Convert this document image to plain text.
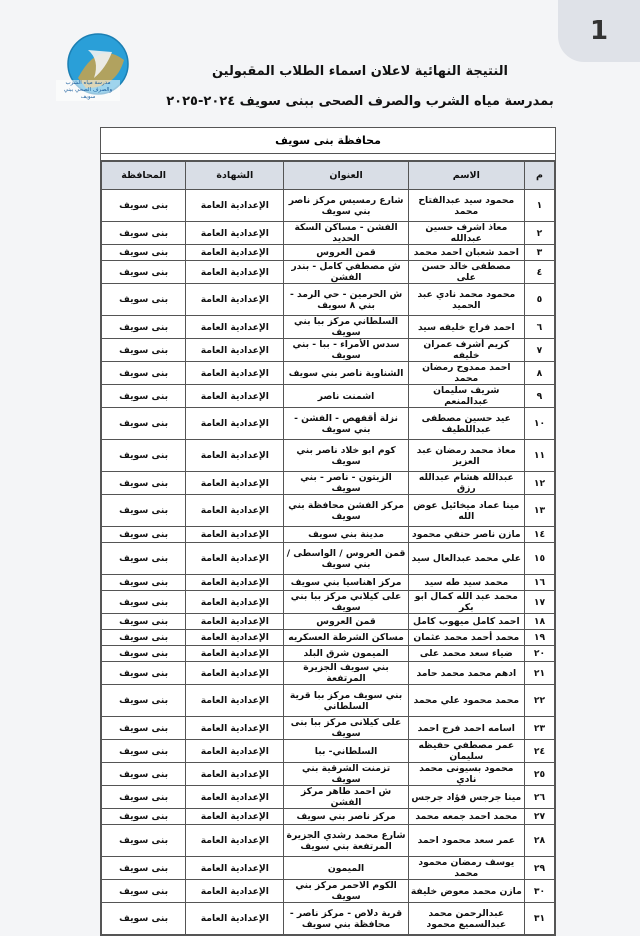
1
مدرسة مياه الشرب
والصرف الصحي ببني سويف
النتيجة النهائية لاعلان اسماء الطلاب المقبولين
بمدرسة مياه الشرب والصرف الصحى ببنى سويف ٢٠٢٤-٢٠٢٥
محافظة بنى سويف
م	الاسم	العنوان	الشهادة	المحافظة
١	محمود سيد عبدالفتاح محمد	شارع رمسيس مركز ناصر بني سويف	الإعدادية العامة	بنى سويف
٢	معاذ اشرف حسين عبدالله	الفشن - مساكن السكة الحديد	الإعدادية العامة	بنى سويف
٣	احمد شعبان احمد محمد	قمن العروس	الإعدادية العامة	بنى سويف
٤	مصطفى خالد حسن على	ش مصطفي كامل - بندر الفشن	الإعدادية العامة	بنى سويف
٥	محمود محمد نادي عبد الحميد	ش الحرمين - حي الرمد - بني ٨ سويف	الإعدادية العامة	بنى سويف
٦	احمد فراج خليفه سيد	السلطاني مركز ببا بني سويف	الإعدادية العامة	بنى سويف
٧	كريم أشرف عمران خليفه	سدس الأمراء - ببا - بني سويف	الإعدادية العامة	بنى سويف
٨	احمد ممدوح رمضان محمد	الشناوية ناصر بني سويف	الإعدادية العامة	بنى سويف
٩	شريف سليمان عبدالمنعم	اشمنت ناصر	الإعدادية العامة	بنى سويف
١٠	عيد حسين مصطفى عبداللطيف	نزلة أقفهص - الفشن - بني سويف	الإعدادية العامة	بنى سويف
١١	معاذ محمد رمضان عبد العزيز	كوم ابو خلاد ناصر بني سويف	الإعدادية العامة	بنى سويف
١٢	عبدالله هشام عبدالله رزق	الزيتون - ناصر - بني سويف	الإعدادية العامة	بنى سويف
١٣	مينا عماد ميخائيل عوض الله	مركز الفشن محافظة بني سويف	الإعدادية العامة	بنى سويف
١٤	مازن ناصر حنفي محمود	مدينة بني سويف	الإعدادية العامة	بنى سويف
١٥	علي محمد عبدالعال سيد	قمن العروس / الواسطى / بني سويف	الإعدادية العامة	بنى سويف
١٦	محمد سيد طه سيد	مركز اهناسيا بني سويف	الإعدادية العامة	بنى سويف
١٧	محمد عبد الله كمال ابو بكر	على كيلاني مركز ببا بني سويف	الإعدادية العامة	بنى سويف
١٨	احمد كامل ميهوب كامل	قمن العروس	الإعدادية العامة	بنى سويف
١٩	محمد أحمد محمد عثمان	مساكن الشرطة العسكريه	الإعدادية العامة	بنى سويف
٢٠	ضياء سعد محمد على	الميمون شرق البلد	الإعدادية العامة	بنى سويف
٢١	ادهم محمد محمد حامد	بني سويف الجزيرة المرتفعة	الإعدادية العامة	بنى سويف
٢٢	محمد محمود علي محمد	بني سويف مركز ببا قرية السلطاني	الإعدادية العامة	بنى سويف
٢٣	اسامه احمد فرج احمد	على كيلانى مركز ببا بنى سويف	الإعدادية العامة	بنى سويف
٢٤	عمر مصطفي حفيظه سليمان	السلطاني- ببا	الإعدادية العامة	بنى سويف
٢٥	محمود بسيونى محمد نادي	تزمنت الشرقية بني سويف	الإعدادية العامة	بنى سويف
٢٦	مينا جرجس فؤاد جرجس	ش احمد طاهر مركز الفشن	الإعدادية العامة	بنى سويف
٢٧	محمد احمد جمعه محمد	مركز ناصر بني سويف	الإعدادية العامة	بنى سويف
٢٨	عمر سعد محمود احمد	شارع محمد رشدي الجزيرة المرتفعة بني سويف	الإعدادية العامة	بنى سويف
٢٩	يوسف رمضان محمود محمد	الميمون	الإعدادية العامة	بنى سويف
٣٠	مازن محمد معوض خليفة	الكوم الاحمر مركز بني سويف	الإعدادية العامة	بنى سويف
٣١	عبدالرحمن محمد عبدالسميع محمود	قرية دلاص - مركز ناصر - محافظة بني سويف	الإعدادية العامة	بنى سويف
